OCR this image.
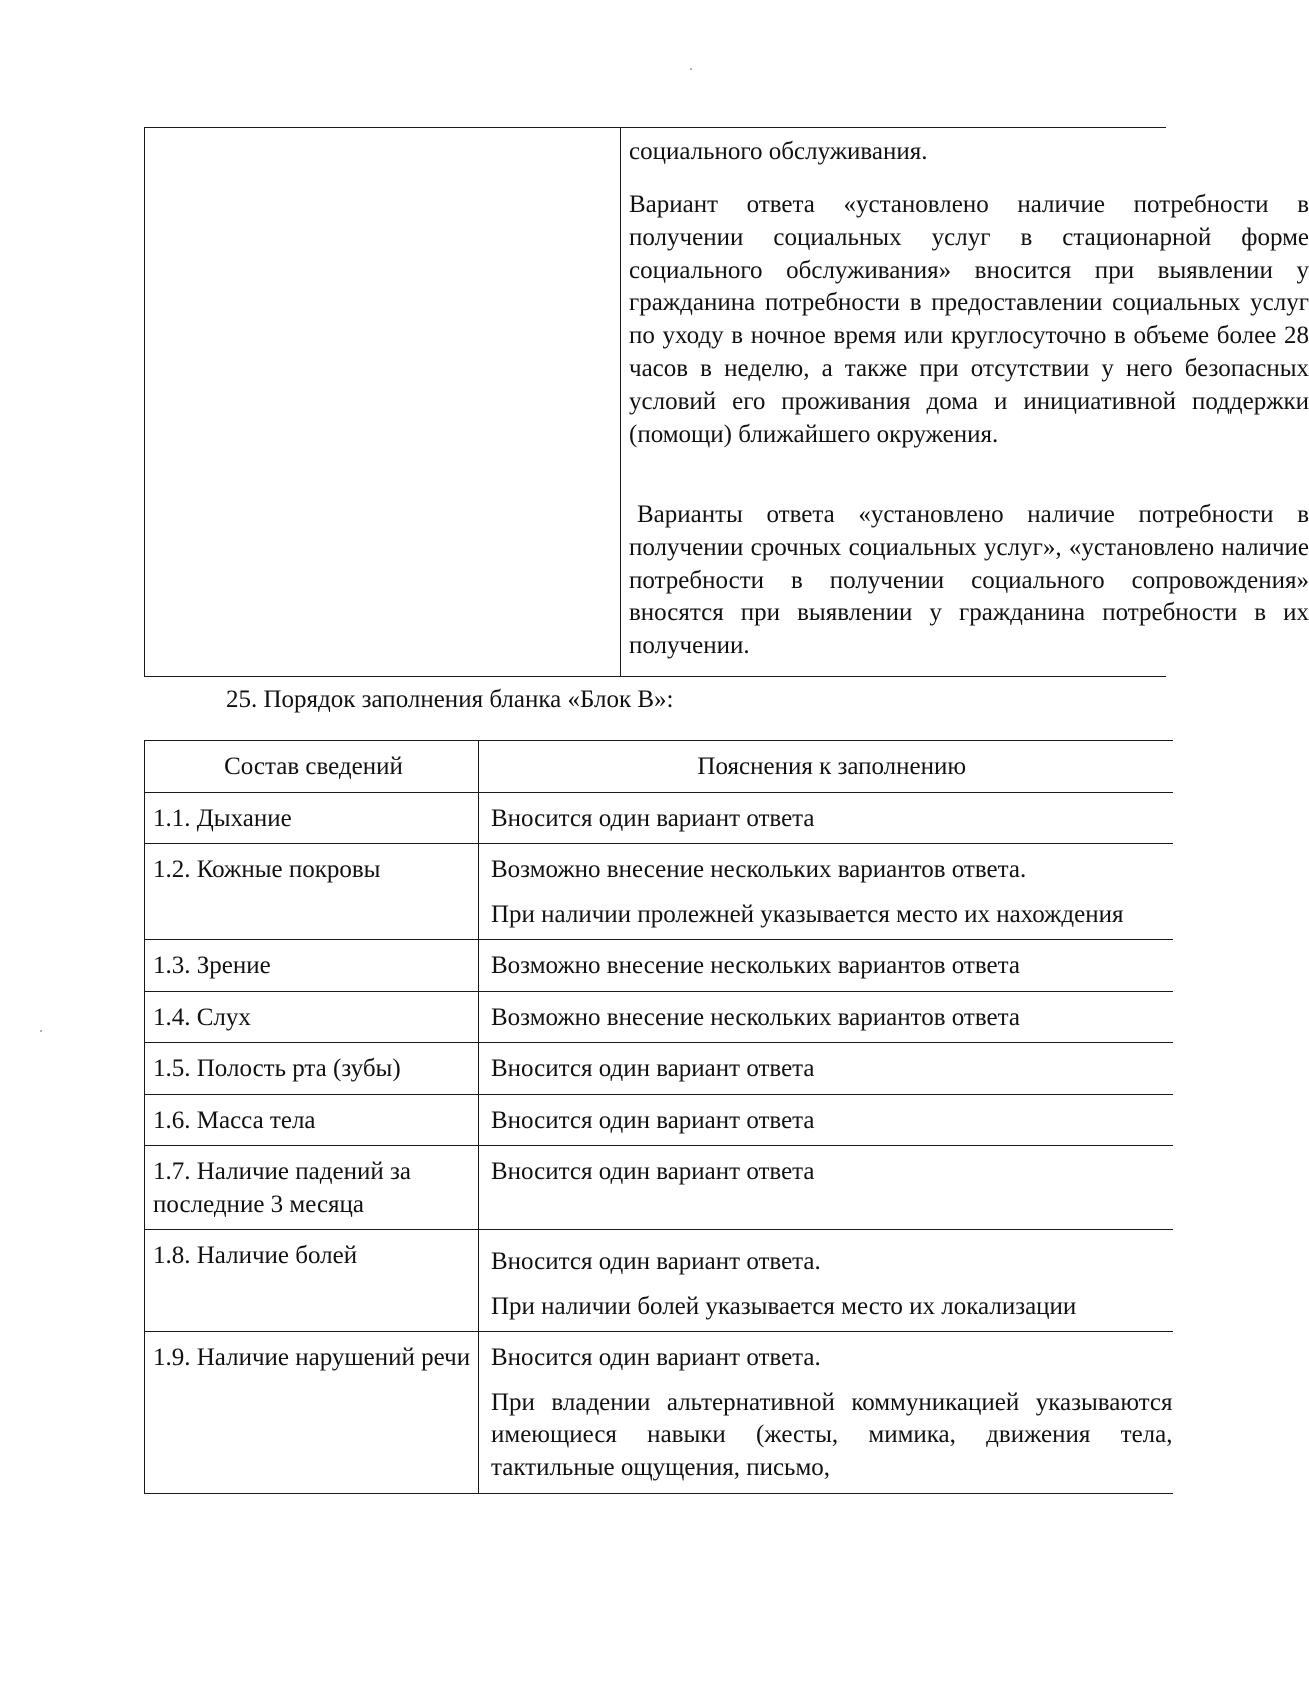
социального обслуживания.

Вариант ответа «установлено наличие потребности в получении социальных услуг в стационарной форме социального обслуживания» вносится при выявлении у гражданина потребности в предоставлении социальных услуг по уходу в ночное время или круглосуточно в объеме более 28 часов в неделю, а также при отсутствии у него безопасных условий его проживания дома и инициативной поддержки (помощи) ближайшего окружения.

Варианты ответа «установлено наличие потребности в получении срочных социальных услуг», «установлено наличие потребности в получении социального сопровождения» вносятся при выявлении у гражданина потребности в их получении.

25. Порядок заполнения бланка «Блок В»:
Состав сведений	Пояснения к заполнению
1.1. Дыхание	Вносится один вариант ответа

1.2. Кожные покровы	Возможно внесение нескольких вариантов ответа.

При наличии пролежней указывается место их нахождения

1.3. Зрение	Возможно внесение нескольких вариантов ответа

1.4. Слух	Возможно внесение нескольких вариантов ответа

1.5. Полость рта (зубы)	Вносится один вариант ответа

1.6. Масса тела	Вносится один вариант ответа

1.7. Наличие падений за последние 3 месяца	Вносится один вариант ответа

1.8. Наличие болей	Вносится один вариант ответа.

При наличии болей указывается место их локализации

1.9. Наличие нарушений речи	Вносится один вариант ответа.

При владении альтернативной коммуникацией указываются имеющиеся навыки (жесты, мимика, движения тела, тактильные ощущения, письмо,
